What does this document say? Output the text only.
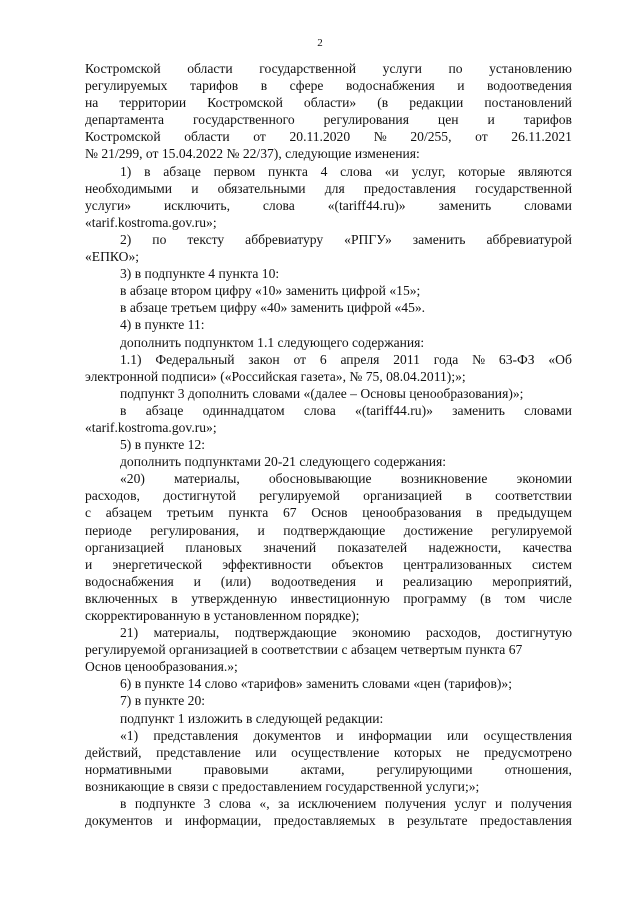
2
Костромской области государственной услуги по установлению
регулируемых тарифов в сфере водоснабжения и водоотведения
на территории Костромской области» (в редакции постановлений
департамента государственного регулирования цен и тарифов
Костромской области от 20.11.2020 № 20/255, от 26.11.2021
№ 21/299, от 15.04.2022 № 22/37), следующие изменения:
1) в абзаце первом пункта 4 слова «и услуг, которые являются
необходимыми и обязательными для предоставления государственной
услуги» исключить, слова «(tariff44.ru)» заменить словами
«tarif.kostroma.gov.ru»;
2) по тексту аббревиатуру «РПГУ» заменить аббревиатурой
«ЕПКО»;
3) в подпункте 4 пункта 10:
в абзаце втором цифру «10» заменить цифрой «15»;
в абзаце третьем цифру «40» заменить цифрой «45».
4) в пункте 11:
дополнить подпунктом 1.1 следующего содержания:
1.1) Федеральный закон от 6 апреля 2011 года № 63-ФЗ «Об
электронной подписи» («Российская газета», № 75, 08.04.2011);»;
подпункт 3 дополнить словами «(далее – Основы ценообразования)»;
в абзаце одиннадцатом слова «(tariff44.ru)» заменить словами
«tarif.kostroma.gov.ru»;
5) в пункте 12:
дополнить подпунктами 20-21 следующего содержания:
«20) материалы, обосновывающие возникновение экономии
расходов, достигнутой регулируемой организацией в соответствии
с абзацем третьим пункта 67 Основ ценообразования в предыдущем
периоде регулирования, и подтверждающие достижение регулируемой
организацией плановых значений показателей надежности, качества
и энергетической эффективности объектов централизованных систем
водоснабжения и (или) водоотведения и реализацию мероприятий,
включенных в утвержденную инвестиционную программу (в том числе
скорректированную в установленном порядке);
21) материалы, подтверждающие экономию расходов, достигнутую
регулируемой организацией в соответствии с абзацем четвертым пункта 67
Основ ценообразования.»;
6) в пункте 14 слово «тарифов» заменить словами «цен (тарифов)»;
7) в пункте 20:
подпункт 1 изложить в следующей редакции:
«1) представления документов и информации или осуществления
действий, представление или осуществление которых не предусмотрено
нормативными правовыми актами, регулирующими отношения,
возникающие в связи с предоставлением государственной услуги;»;
в подпункте 3 слова «, за исключением получения услуг и получения
документов и информации, предоставляемых в результате предоставления
